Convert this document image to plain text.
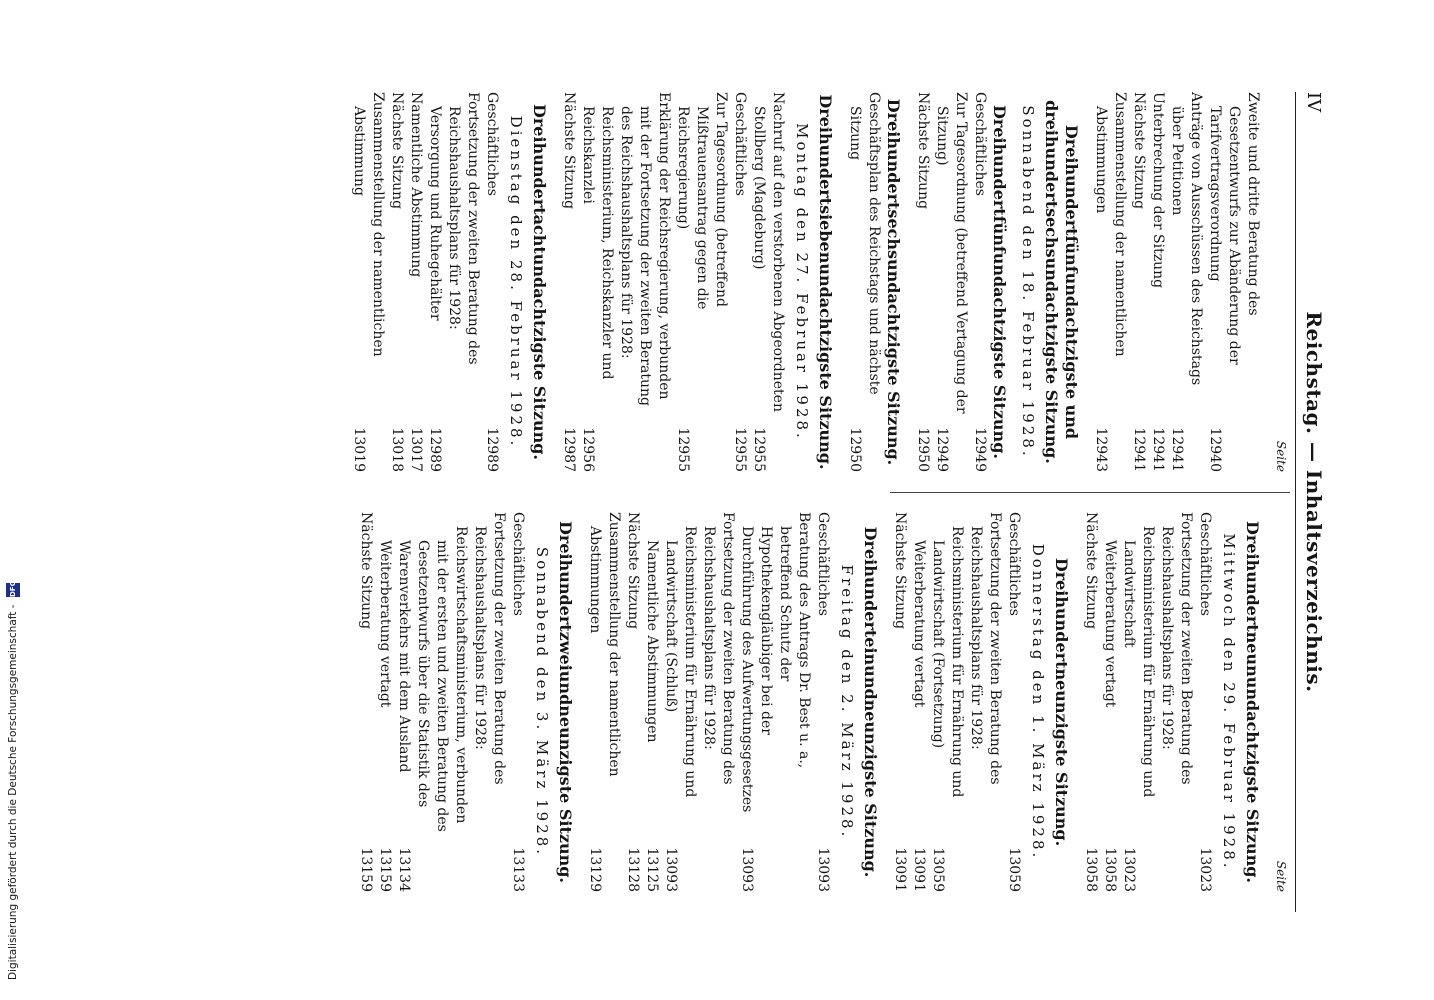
IV
Reichstag. — Inhaltsverzeichnis.
Seite
Zweite und dritte Beratung des Gesetzentwurfs zur Abänderung der Tarifvertragsverordnung
12940
Anträge von Ausschüssen des Reichstags über Petitionen
12941
Unterbrechung der Sitzung
12941
Nächste Sitzung
12941
Zusammenstellung der namentlichen Abstimmungen
12943
Dreihundertfünfundachtzigste und dreihundertsechsundachtzigste Sitzung.
Sonnabend den 18. Februar 1928.
Dreihundertfünfundachtzigste Sitzung.
Geschäftliches
12949
Zur Tagesordnung (betreffend Vertagung der Sitzung)
12949
Nächste Sitzung
12950
Dreihundertsechsundachtzigste Sitzung.
Geschäftsplan des Reichstags und nächste Sitzung
12950
Dreihundertsiebenundachtzigste Sitzung.
Montag den 27. Februar 1928.
Nachruf auf den verstorbenen Abgeordneten Stollberg (Magdeburg)
12955
Geschäftliches
12955
Zur Tagesordnung (betreffend Mißtrauensantrag gegen die Reichsregierung)
12955
Erklärung der Reichsregierung, verbunden mit der Fortsetzung der zweiten Beratung des Reichshaushaltsplans für 1928: Reichsministerium, Reichskanzler und Reichskanzlei
12956
Nächste Sitzung
12987
Dreihundertachtundachtzigste Sitzung.
Dienstag den 28. Februar 1928.
Geschäftliches
12989
Fortsetzung der zweiten Beratung des Reichshaushaltsplans für 1928:
Versorgung und Ruhegehälter
12989
Namentliche Abstimmung
13017
Nächste Sitzung
13018
Zusammenstellung der namentlichen Abstimmung
13019
Seite
Dreihundertneunundachtzigste Sitzung.
Mittwoch den 29. Februar 1928.
Geschäftliches
13023
Fortsetzung der zweiten Beratung des Reichshaushaltsplans für 1928:
Reichsministerium für Ernährung und Landwirtschaft
13023
Weiterberatung vertagt
13058
Nächste Sitzung
13058
Dreihundertneunzigste Sitzung.
Donnerstag den 1. März 1928.
Geschäftliches
13059
Fortsetzung der zweiten Beratung des Reichshaushaltsplans für 1928:
Reichsministerium für Ernährung und Landwirtschaft (Fortsetzung)
13059
Weiterberatung vertagt
13091
Nächste Sitzung
13091
Dreihunderteinundneunzigste Sitzung.
Freitag den 2. März 1928.
Geschäftliches
13093
Beratung des Antrags Dr. Best u. a., betreffend Schutz der Hypothekengläubiger bei der Durchführung des Aufwertungsgesetzes
13093
Fortsetzung der zweiten Beratung des Reichshaushaltsplans für 1928:
Reichsministerium für Ernährung und Landwirtschaft (Schluß)
13093
Namentliche Abstimmungen
13125
Nächste Sitzung
13128
Zusammenstellung der namentlichen Abstimmungen
13129
Dreihundertzweiundneunzigste Sitzung.
Sonnabend den 3. März 1928.
Geschäftliches
13133
Fortsetzung der zweiten Beratung des Reichshaushaltsplans für 1928:
Reichswirtschaftsministerium, verbunden mit der ersten und zweiten Beratung des Gesetzentwurfs über die Statistik des Warenverkehrs mit dem Ausland
13134
Weiterberatung vertagt
13159
Nächste Sitzung
13159
Digitalisierung gefördert durch die Deutsche Forschungsgemeinschaft - DFG
